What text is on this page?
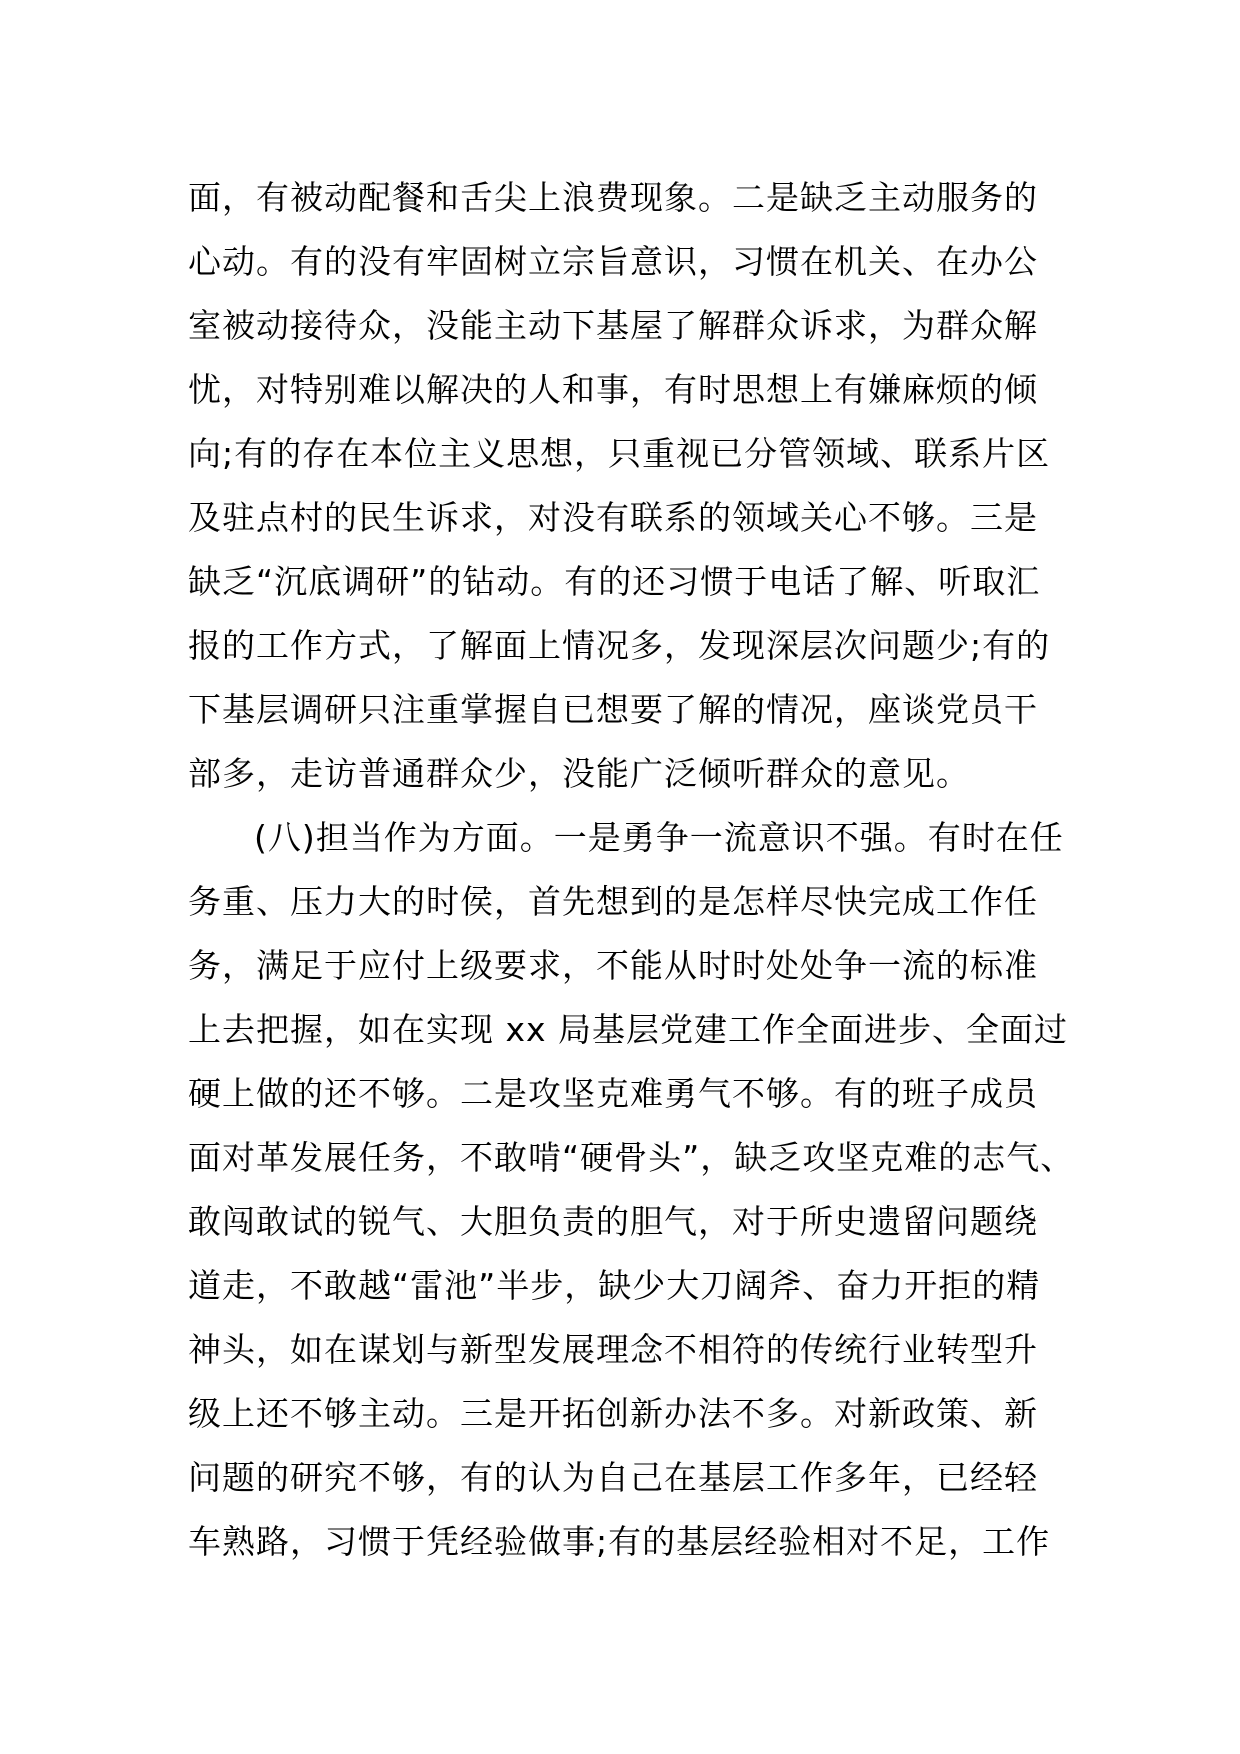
面，有被动配餐和舌尖上浪费现象。二是缺乏主动服务的
心动。有的没有牢固树立宗旨意识，习惯在机关、在办公
室被动接待众，没能主动下基屋了解群众诉求，为群众解
忧，对特别难以解决的人和事，有时思想上有嫌麻烦的倾
向;有的存在本位主义思想，只重视已分管领域、联系片区
及驻点村的民生诉求，对没有联系的领域关心不够。三是
缺乏“沉底调研”的钻动。有的还习惯于电话了解、听取汇
报的工作方式，了解面上情况多，发现深层次问题少;有的
下基层调研只注重掌握自已想要了解的情况，座谈党员干
部多，走访普通群众少，没能广泛倾听群众的意见。
(八)担当作为方面。一是勇争一流意识不强。有时在任
务重、压力大的时侯，首先想到的是怎样尽快完成工作任
务，满足于应付上级要求，不能从时时处处争一流的标准
上去把握，如在实现 xx 局基层党建工作全面进步、全面过
硬上做的还不够。二是攻坚克难勇气不够。有的班子成员
面对革发展任务，不敢啃“硬骨头”，缺乏攻坚克难的志气、
敢闯敢试的锐气、大胆负责的胆气，对于所史遗留问题绕
道走，不敢越“雷池”半步，缺少大刀阔斧、奋力开拒的精
神头，如在谋划与新型发展理念不相符的传统行业转型升
级上还不够主动。三是开拓创新办法不多。对新政策、新
问题的研究不够，有的认为自己在基层工作多年，已经轻
车熟路，习惯于凭经验做事;有的基层经验相对不足，工作
